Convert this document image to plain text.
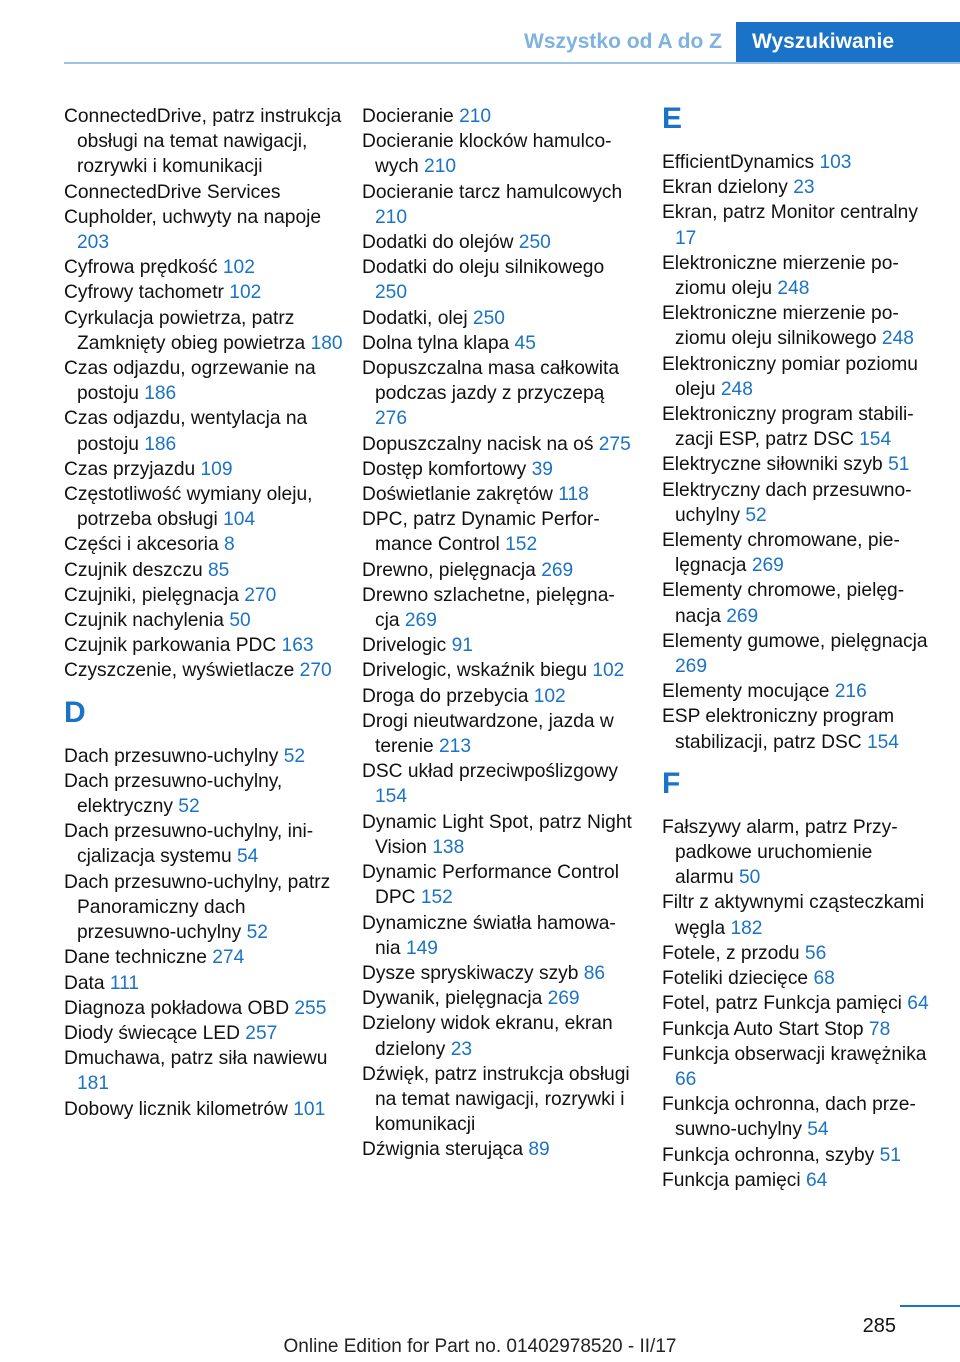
Wszystko od A do Z	Wyszukiwanie

ConnectedDrive, patrz instrukcja obsługi na temat nawigacji, rozrywki i komunikacji

ConnectedDrive Services

Cupholder, uchwyty na napoje 203

Cyfrowa prędkość 102

Cyfrowy tachometr 102

Cyrkulacja powietrza, patrz Zamknięty obieg powietrza 180

Czas odjazdu, ogrzewanie na postoju 186

Czas odjazdu, wentylacja na postoju 186

Czas przyjazdu 109

Częstotliwość wymiany oleju, potrzeba obsługi 104

Części i akcesoria 8

Czujnik deszczu 85

Czujniki, pielęgnacja 270

Czujnik nachylenia 50

Czujnik parkowania PDC 163

Czyszczenie, wyświetlacze 270

D

Dach przesuwno-uchylny 52

Dach przesuwno-uchylny, elektryczny 52

Dach przesuwno-uchylny, inicjalizacja systemu 54

Dach przesuwno-uchylny, patrz Panoramiczny dach przesuwno-uchylny 52

Dane techniczne 274

Data 111

Diagnoza pokładowa OBD 255

Diody świecące LED 257

Dmuchawa, patrz siła nawiewu 181

Dobowy licznik kilometrów 101

Docieranie 210

Docieranie klocków hamulcowych 210

Docieranie tarcz hamulcowych 210

Dodatki do olejów 250

Dodatki do oleju silnikowego 250

Dodatki, olej 250

Dolna tylna klapa 45

Dopuszczalna masa całkowita podczas jazdy z przyczepą 276

Dopuszczalny nacisk na oś 275

Dostęp komfortowy 39

Doświetlanie zakrętów 118

DPC, patrz Dynamic Performance Control 152

Drewno, pielęgnacja 269

Drewno szlachetne, pielęgnacja 269

Drivelogic 91

Drivelogic, wskaźnik biegu 102

Droga do przebycia 102

Drogi nieutwardzone, jazda w terenie 213

DSC układ przeciwpoślizgowy 154

Dynamic Light Spot, patrz Night Vision 138

Dynamic Performance Control DPC 152

Dynamiczne światła hamowania 149

Dysze spryskiwaczy szyb 86

Dywanik, pielęgnacja 269

Dzielony widok ekranu, ekran dzielony 23

Dźwięk, patrz instrukcja obsługi na temat nawigacji, rozrywki i komunikacji

Dźwignia sterująca 89

E

EfficientDynamics 103

Ekran dzielony 23

Ekran, patrz Monitor centralny 17

Elektroniczne mierzenie poziomu oleju 248

Elektroniczne mierzenie poziomu oleju silnikowego 248

Elektroniczny pomiar poziomu oleju 248

Elektroniczny program stabilizacji ESP, patrz DSC 154

Elektryczne siłowniki szyb 51

Elektryczny dach przesuwno-uchylny 52

Elementy chromowane, pielęgnacja 269

Elementy chromowe, pielęgnacja 269

Elementy gumowe, pielęgnacja 269

Elementy mocujące 216

ESP elektroniczny program stabilizacji, patrz DSC 154

F

Fałszywy alarm, patrz Przypadkowe uruchomienie alarmu 50

Filtr z aktywnymi cząsteczkami węgla 182

Fotele, z przodu 56

Foteliki dziecięce 68

Fotel, patrz Funkcja pamięci 64

Funkcja Auto Start Stop 78

Funkcja obserwacji krawężnika 66

Funkcja ochronna, dach przesuwno-uchylny 54

Funkcja ochronna, szyby 51

Funkcja pamięci 64

285
Online Edition for Part no. 01402978520 - II/17
